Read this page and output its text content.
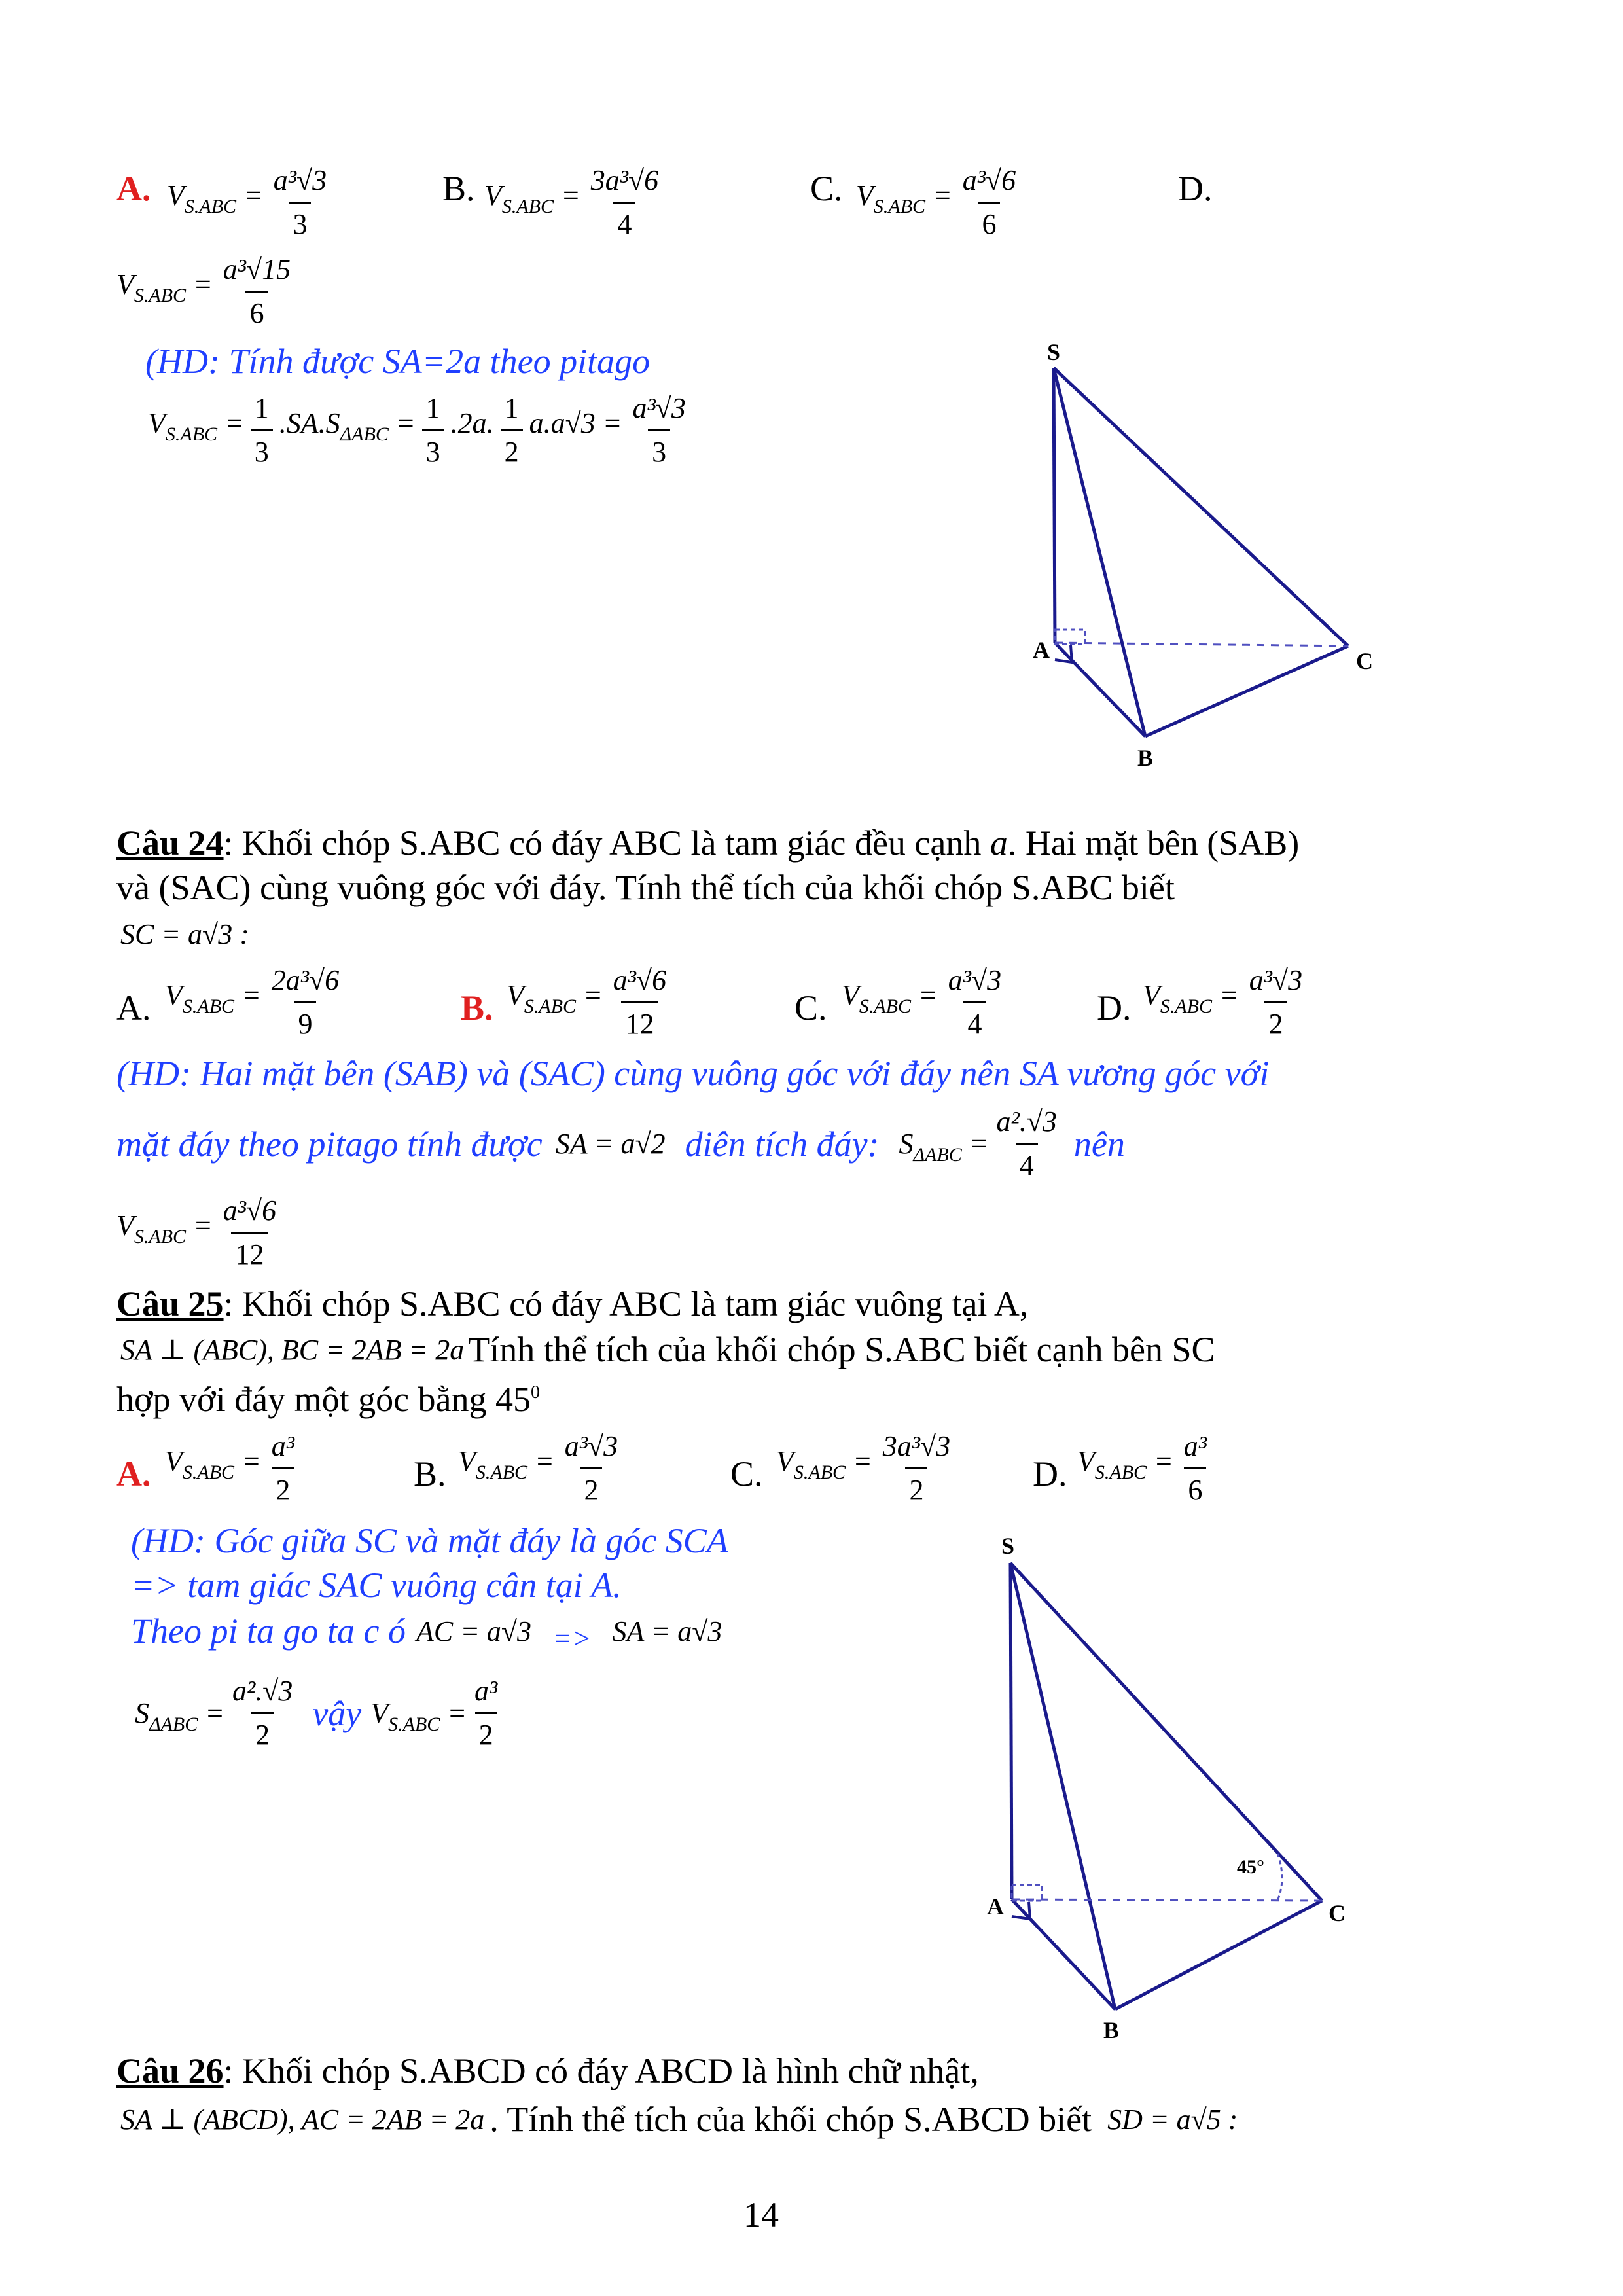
A. $V_{S.ABC} = \frac{\text{a³√3}}{3}$	B. $V_{S.ABC} = \frac{\text{3a³√6}}{4}$	C. $V_{S.ABC} = \frac{\text{a³√6}}{6}$	D.
$V_{S.ABC} = \frac{\text{a³√15}}{6}$
(HD: Tính được SA=2a theo pitago
$V_{S.ABC} = \frac{1}{3} .SA.S_{\Delta ABC} = \frac{1}{3} .2a$. $\frac{1}{2} a.a√3 = \frac{\text{a³√3}}{3}$
S
A
B
C
Câu 24: Khối chóp S.ABC có đáy ABC là tam giác đều cạnh a. Hai mặt bên (SAB)
và (SAC) cùng vuông góc với đáy. Tính thể tích của khối chóp S.ABC biết
SC = a√3 :
A. $V_{S.ABC} = \frac{\text{2a³√6}}{9}$	B. $V_{S.ABC} = \frac{\text{a³√6}}{12}$	C. $V_{S.ABC} = \frac{\text{a³√3}}{4}$	D. $V_{S.ABC} = \frac{\text{a³√3}}{2}$
(HD: Hai mặt bên (SAB) và (SAC) cùng vuông góc với đáy nên SA vương góc với
mặt đáy theo pitago tính được SA = a√2 diên tích đáy: $S_{\Delta ABC} = \frac{\text{a².√3}}{4}$ nên
$V_{S.ABC} = \frac{\text{a³√6}}{12}$
Câu 25: Khối chóp S.ABC có đáy ABC là tam giác vuông tại A,
SA ⊥ (ABC), BC = 2AB = 2a Tính thể tích của khối chóp S.ABC biết cạnh bên SC
hợp với đáy một góc bằng $45^0$
A. $V_{S.ABC} = \frac{\text{a³}}{2}$	B. $V_{S.ABC} = \frac{\text{a³√3}}{2}$	C. $V_{S.ABC} = \frac{\text{3a³√3}}{2} D$. $V_{S.ABC} = \frac{\text{a³}}{6}$
(HD: Góc giữa SC và mặt đáy là góc SCA
=> tam giác SAC vuông cân tại A.
Theo pi ta go ta c ó AC = a√3 => SA = a√3
$S_{\Delta ABC} = \frac{\text{a².√3}}{2}$ vậy $V_{S.ABC} = \frac{\text{a³}}{2}$
S
A
B
C
45°
Câu 26: Khối chóp S.ABCD có đáy ABCD là hình chữ nhật,
SA ⊥ (ABCD), AC = 2AB = 2a . Tính thể tích của khối chóp S.ABCD biết SD = a√5 :
14
